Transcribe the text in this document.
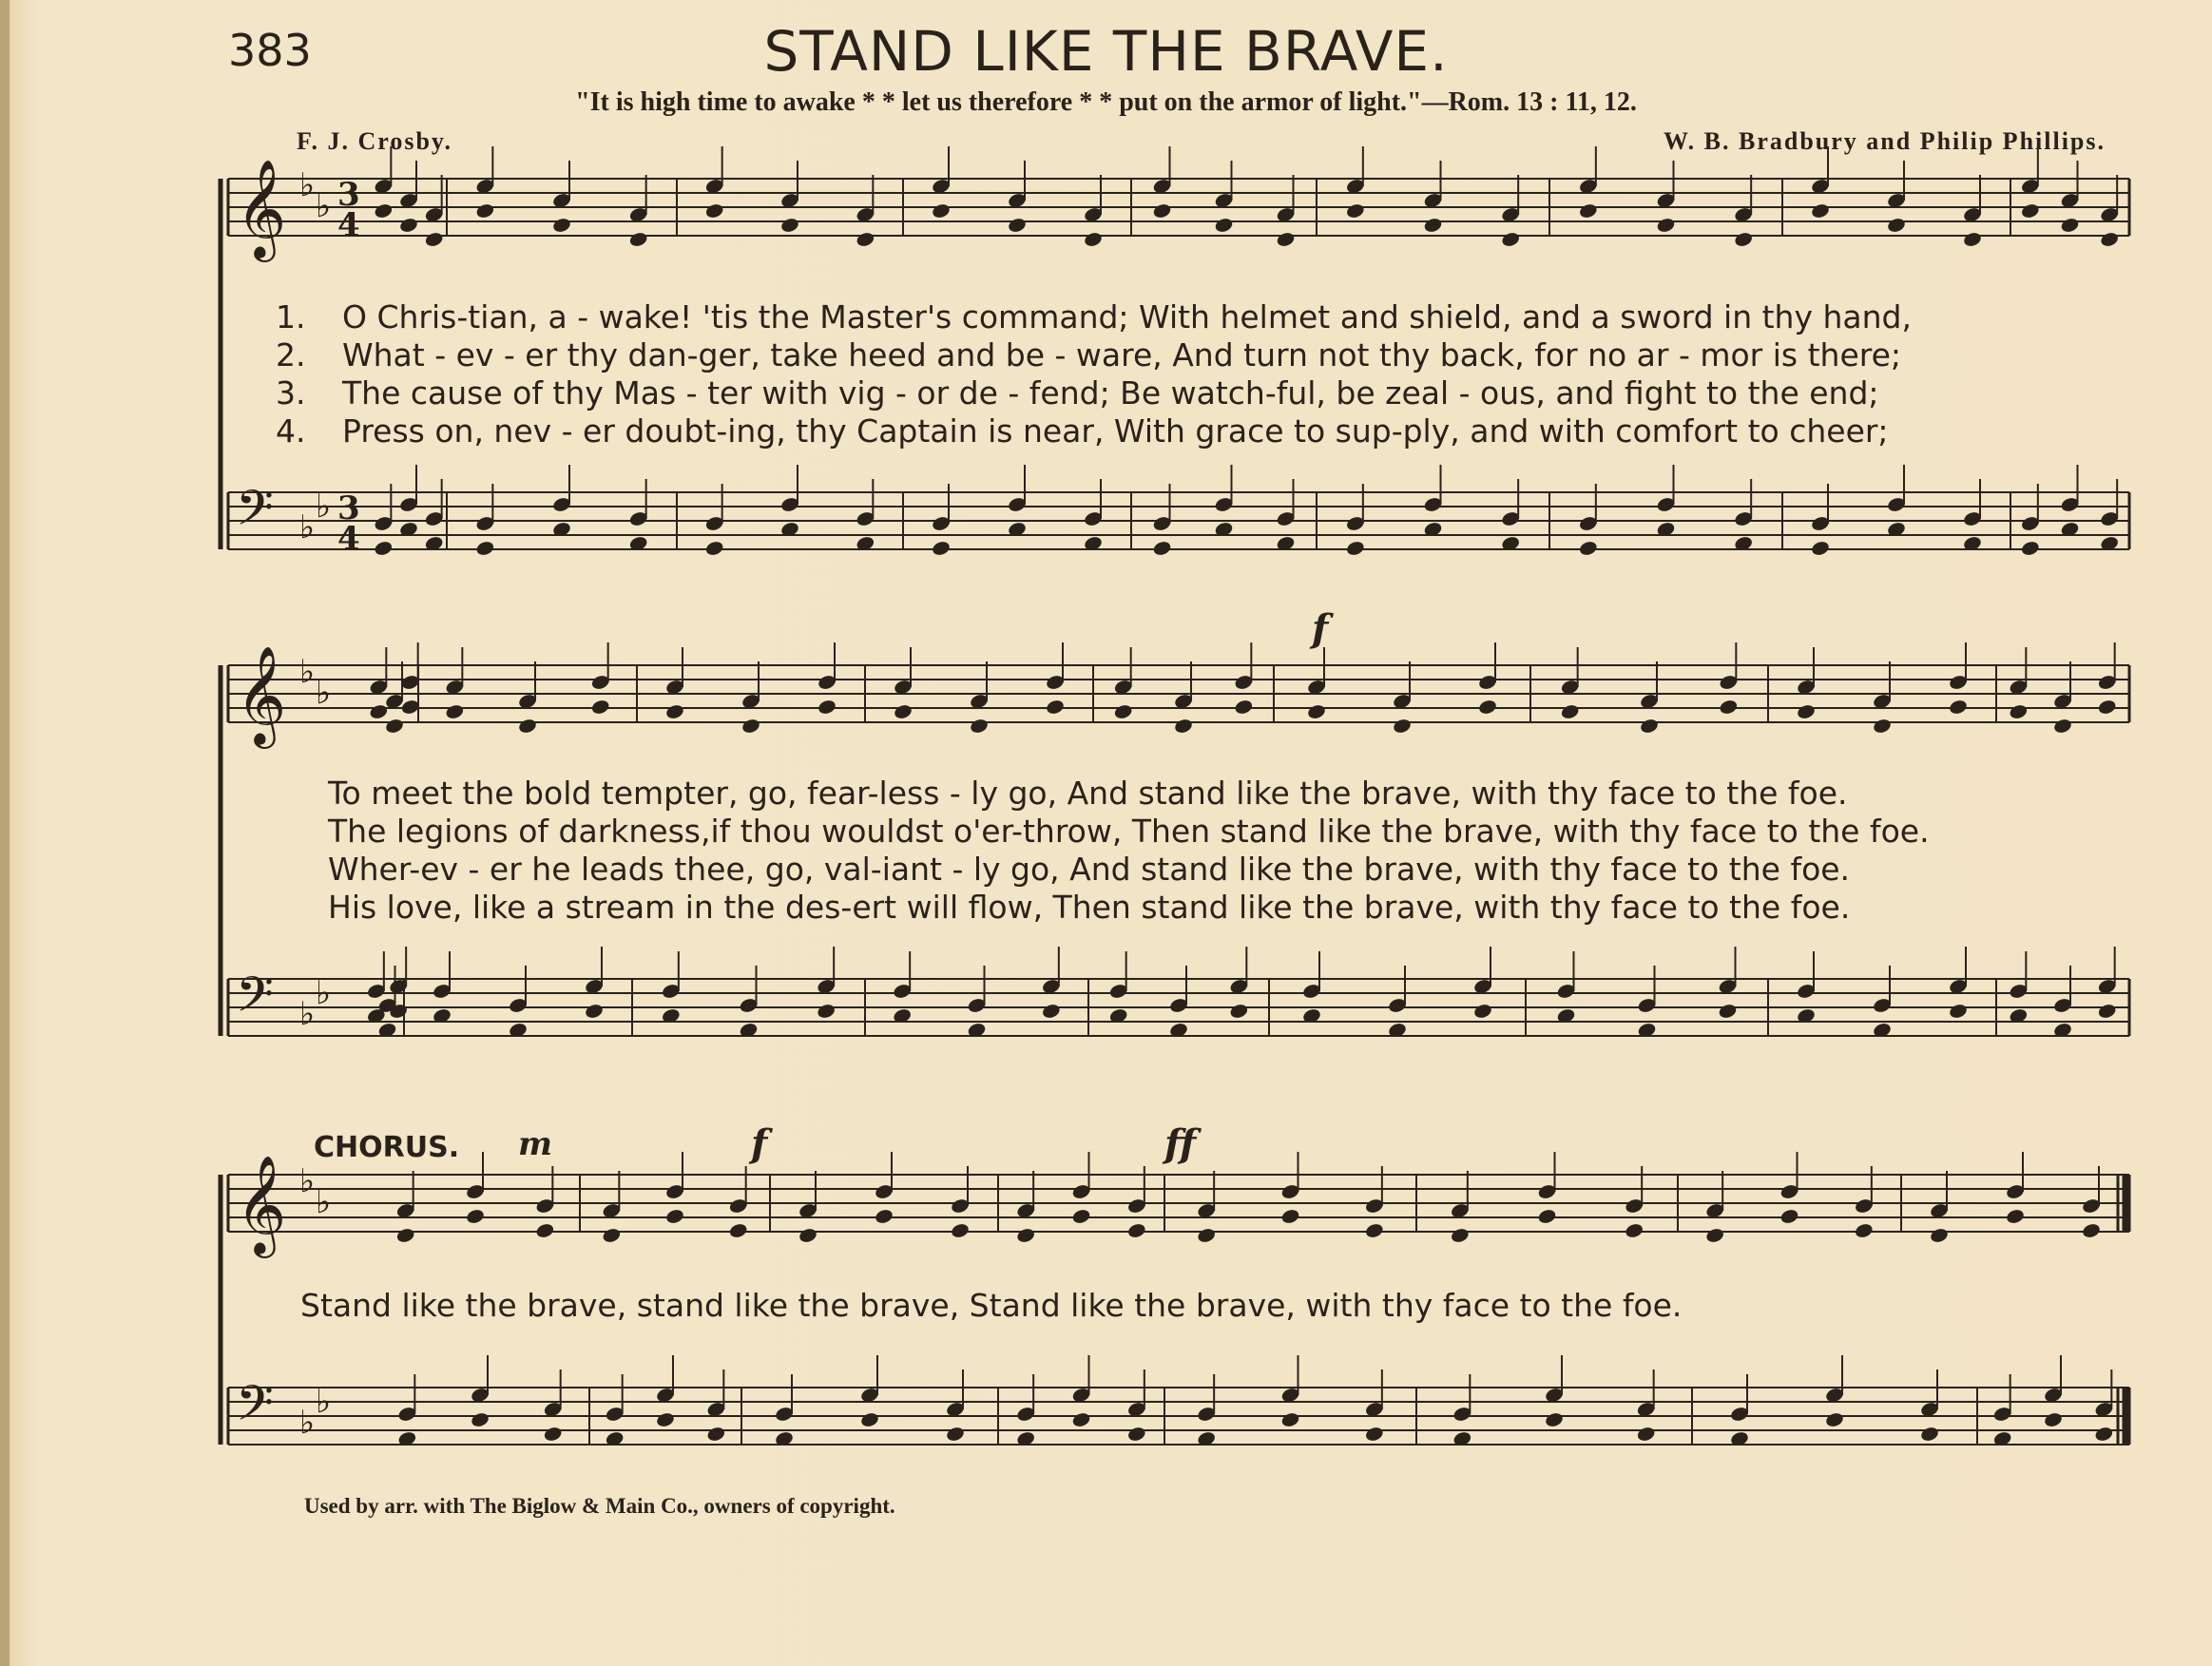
383	STAND LIKE THE BRAVE.
"It is high time to awake * * let us therefore * * put on the armor of light."—Rom. 13 : 11, 12.
F. J. Crosby.	W. B. Bradbury and Philip Phillips.
𝄞 ♭
♭ 3
4
𝄢 ♭
♭ 3
4
𝄞 ♭
♭
𝄢 ♭
♭
𝄞 ♭
♭
𝄢 ♭
♭
1. O Chris-tian, a - wake! 'tis the Master's command; With helmet and shield, and a sword in thy hand,
2. What - ev - er thy dan-ger, take heed and be - ware, And turn not thy back, for no ar - mor is there;
3. The cause of thy Mas - ter with vig - or de - fend; Be watch-ful, be zeal - ous, and fight to the end;
4. Press on, nev - er doubt-ing, thy Captain is near, With grace to sup-ply, and with comfort to cheer;
f
To meet the bold tempter, go, fear-less - ly go, And stand like the brave, with thy face to the foe.
The legions of darkness,if thou wouldst o'er-throw, Then stand like the brave, with thy face to the foe.
Wher-ev - er he leads thee, go, val-iant - ly go, And stand like the brave, with thy face to the foe.
His love, like a stream in the des-ert will flow, Then stand like the brave, with thy face to the foe.
CHORUS. m	f	ff
Stand like the brave, stand like the brave, Stand like the brave, with thy face to the foe.
Used by arr. with The Biglow & Main Co., owners of copyright.
